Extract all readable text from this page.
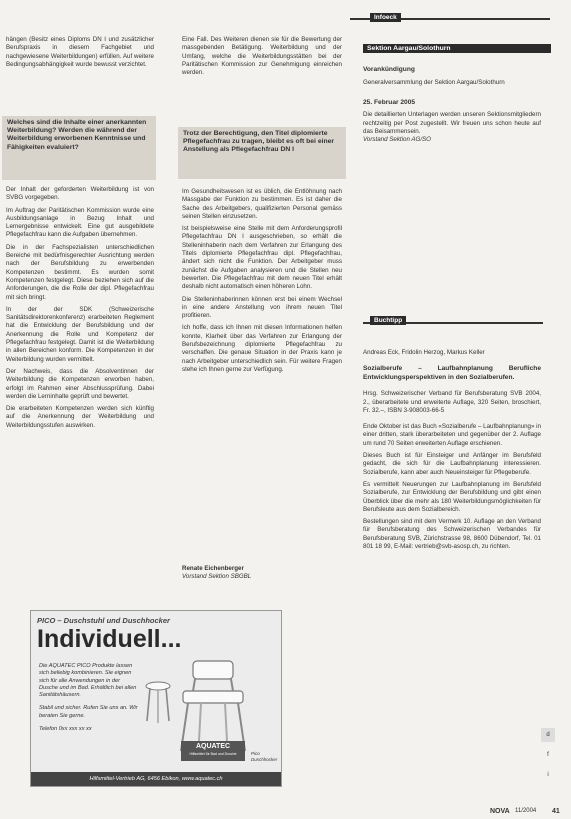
Infoeck

hängen (Besitz eines Diploms DN I und zusätzlicher Berufspraxis in diesem Fachgebiet und nachgewiesene Weiterbildungen) erfüllen. Auf weitere Bedingungsabhängigkeit wurde bewusst verzichtet.

Welches sind die Inhalte einer anerkannten Weiterbildung? Werden die während der Weiterbildung erworbenen Kenntnisse und Fähigkeiten evaluiert?

Der Inhalt der geforderten Weiterbildung ist von SVBG vorgegeben.

Im Auftrag der Paritätischen Kommission wurde eine Ausbildungsanlage in Bezug Inhalt und Lernergebnisse entwickelt. Eine gut ausgebildete Pflegefachfrau kann die Aufgaben übernehmen.

Die in der Fachspezialisten unterschiedlichen Bereiche mit bedürfnisgerechter Ausrichtung werden nach der Berufsbildung zu erwerbenden Kompetenzen bestimmt. Es wurden somit Kompetenzen festgelegt. Diese beziehen sich auf die Anforderungen, die die Rolle der dipl. Pflegefachfrau mit sich bringt.

In der der SDK (Schweizerische Sanitätsdirektorenkonferenz) erarbeiteten Reglement hat die Entwicklung der Berufsbildung und der Anerkennung die Rolle und Kompetenz der Pflegefachfrau festgelegt. Damit ist die Weiterbildung in allen Bereichen konform. Die Kompetenzen in der Weiterbildung wurden vermittelt.

Der Nachweis, dass die Absolventinnen der Weiterbildung die Kompetenzen erworben haben, erfolgt im Rahmen einer Abschlussprüfung. Dabei werden die Lerninhalte geprüft und bewertet.

Die erarbeiteten Kompetenzen werden sich künftig auf die Anerkennung der Weiterbildung und Weiterbildungsstufen auswirken.

Eine Fall. Des Weiteren dienen sie für die Bewertung der massgebenden Betätigung. Weiterbildung und der Umfang, welche die Weiterbildungsstätten bei der Paritätischen Kommission zur Genehmigung einreichen werden.

Trotz der Berechtigung, den Titel diplomierte Pflegefachfrau zu tragen, bleibt es oft bei einer Anstellung als Pflegefachfrau DN I

Im Gesundheitswesen ist es üblich, die Entlöhnung nach Massgabe der Funktion zu bestimmen. Es ist daher die Sache des Arbeitgebers, qualifizierten Personal gemäss seinen Stellen einzusetzen.

Ist beispielsweise eine Stelle mit dem Anforderungsprofil Pflegefachfrau DN I ausgeschrieben, so erhält die Stelleninhaberin nach dem Verfahren zur Erlangung des Titels diplomierte Pflegefachfrau dipl. Pflegefachfrau, ändert sich nicht die Funktion. Der Arbeitgeber muss zunächst die Aufgaben analysieren und die Stellen neu bewerten. Die Pflegefachfrau mit dem neuen Titel erhält deshalb nicht automatisch einen höheren Lohn.

Die Stelleninhaberinnen können erst bei einem Wechsel in eine andere Anstellung von ihrem neuen Titel profitieren.

Ich hoffe, dass ich Ihnen mit diesen Informationen helfen konnte, Klarheit über das Verfahren zur Erlangung der Berufsbezeichnung diplomierte Pflegefachfrau zu verschaffen. Die genaue Situation in der Praxis kann je nach Arbeitgeber unterschiedlich sein. Für weitere Fragen stehe ich Ihnen gerne zur Verfügung.

Renate Eichenberger

Vorstand Sektion SBGBL

Sektion Aargau/Solothurn

Vorankündigung

Generalversammlung der Sektion Aargau/Solothurn

25. Februar 2005

Die detaillierten Unterlagen werden unseren Sektionsmitgliedern rechtzeitig per Post zugestellt. Wir freuen uns schon heute auf das Beisammensein.

Vorstand Sektion AG/SO

Buchtipp

Andreas Eck, Fridolin Herzog, Markus Keller

Sozialberufe – Laufbahnplanung Berufliche Entwicklungsperspektiven in den Sozialberufen.

Hrsg. Schweizerischer Verband für Berufsberatung SVB 2004, 2., überarbeitete und erweiterte Auflage, 320 Seiten, broschiert, Fr. 32.–, ISBN 3-908003-66-5

Ende Oktober ist das Buch «Sozialberufe – Laufbahnplanung» in einer dritten, stark überarbeiteten und gegenüber der 2. Auflage um rund 70 Seiten erweiterten Auflage erschienen.

Dieses Buch ist für Einsteiger und Anfänger im Berufsfeld gedacht, die sich für die Laufbahnplanung interessieren. Sozialberufe, kann aber auch Neueinsteiger für Pflegeberufe.

Es vermittelt Neuerungen zur Laufbahnplanung im Berufsfeld Sozialberufe, zur Entwicklung der Berufsbildung und gibt einen Überblick über die mehr als 180 Weiterbildungsmöglichkeiten für Berufsleute aus dem Sozialbereich.

Bestellungen sind mit dem Vermerk 10. Auflage an den Verband für Berufsberatung des Schweizerischen Verbandes für Berufsberatung SVB, Zürichstrasse 98, 8600 Dübendorf, Tel. 01 801 18 99, E-Mail: vertrieb@svb-asosp.ch, zu richten.

PICO – Duschstuhl und Duschhocker
Individuell...
Die AQUATEC PICO Produkte lassen sich beliebig kombinieren. Sie eignen sich für alle Anwendungen in der Dusche und im Bad. Erhältlich bei allen Sanitätshäusern.
Stabil und sicher. Rufen Sie uns an. Wir beraten Sie gerne.
Telefon 0xx xxx xx xx
AQUATEC
Hilfsmittel für Bad und Dusche	Pico Duschhocker
Hilfsmittel-Vertrieb AG, 6456 Ebikon, www.aquatec.ch
d
f
i
NOVA 11/2004 41
